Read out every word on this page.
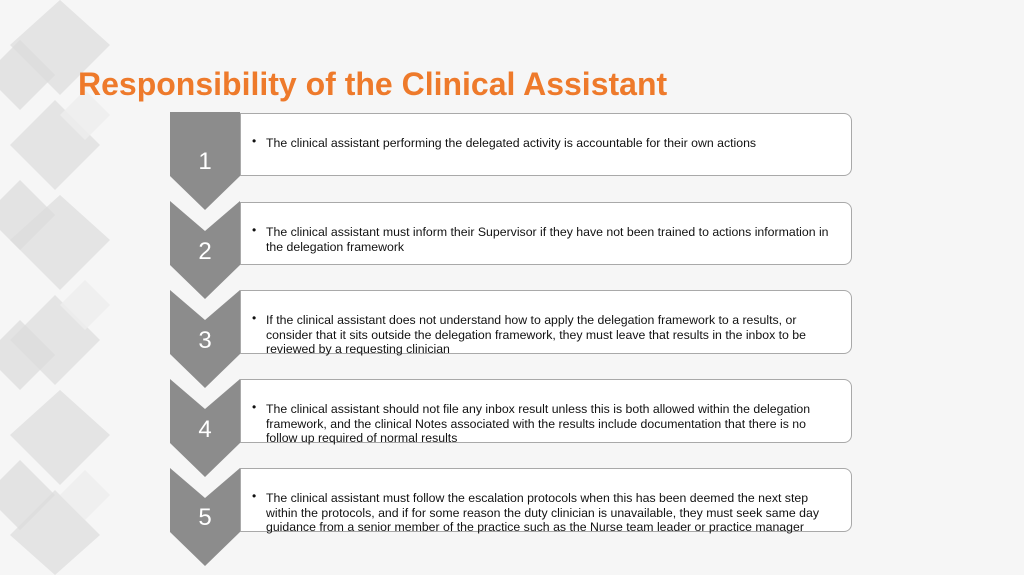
Responsibility of the Clinical Assistant
1
• The clinical assistant performing the delegated activity is accountable for their own actions
2
• The clinical assistant must inform their Supervisor if they have not been trained to actions information in the delegation framework
3
• If the clinical assistant does not understand how to apply the delegation framework to a results, or consider that it sits outside the delegation framework, they must leave that results in the inbox to be reviewed by a requesting clinician
4
• The clinical assistant should not file any inbox result unless this is both allowed within the delegation framework, and the clinical Notes associated with the results include documentation that there is no follow up required of normal results
5
• The clinical assistant must follow the escalation protocols when this has been deemed the next step within the protocols, and if for some reason the duty clinician is unavailable, they must seek same day guidance from a senior member of the practice such as the Nurse team leader or practice manager
